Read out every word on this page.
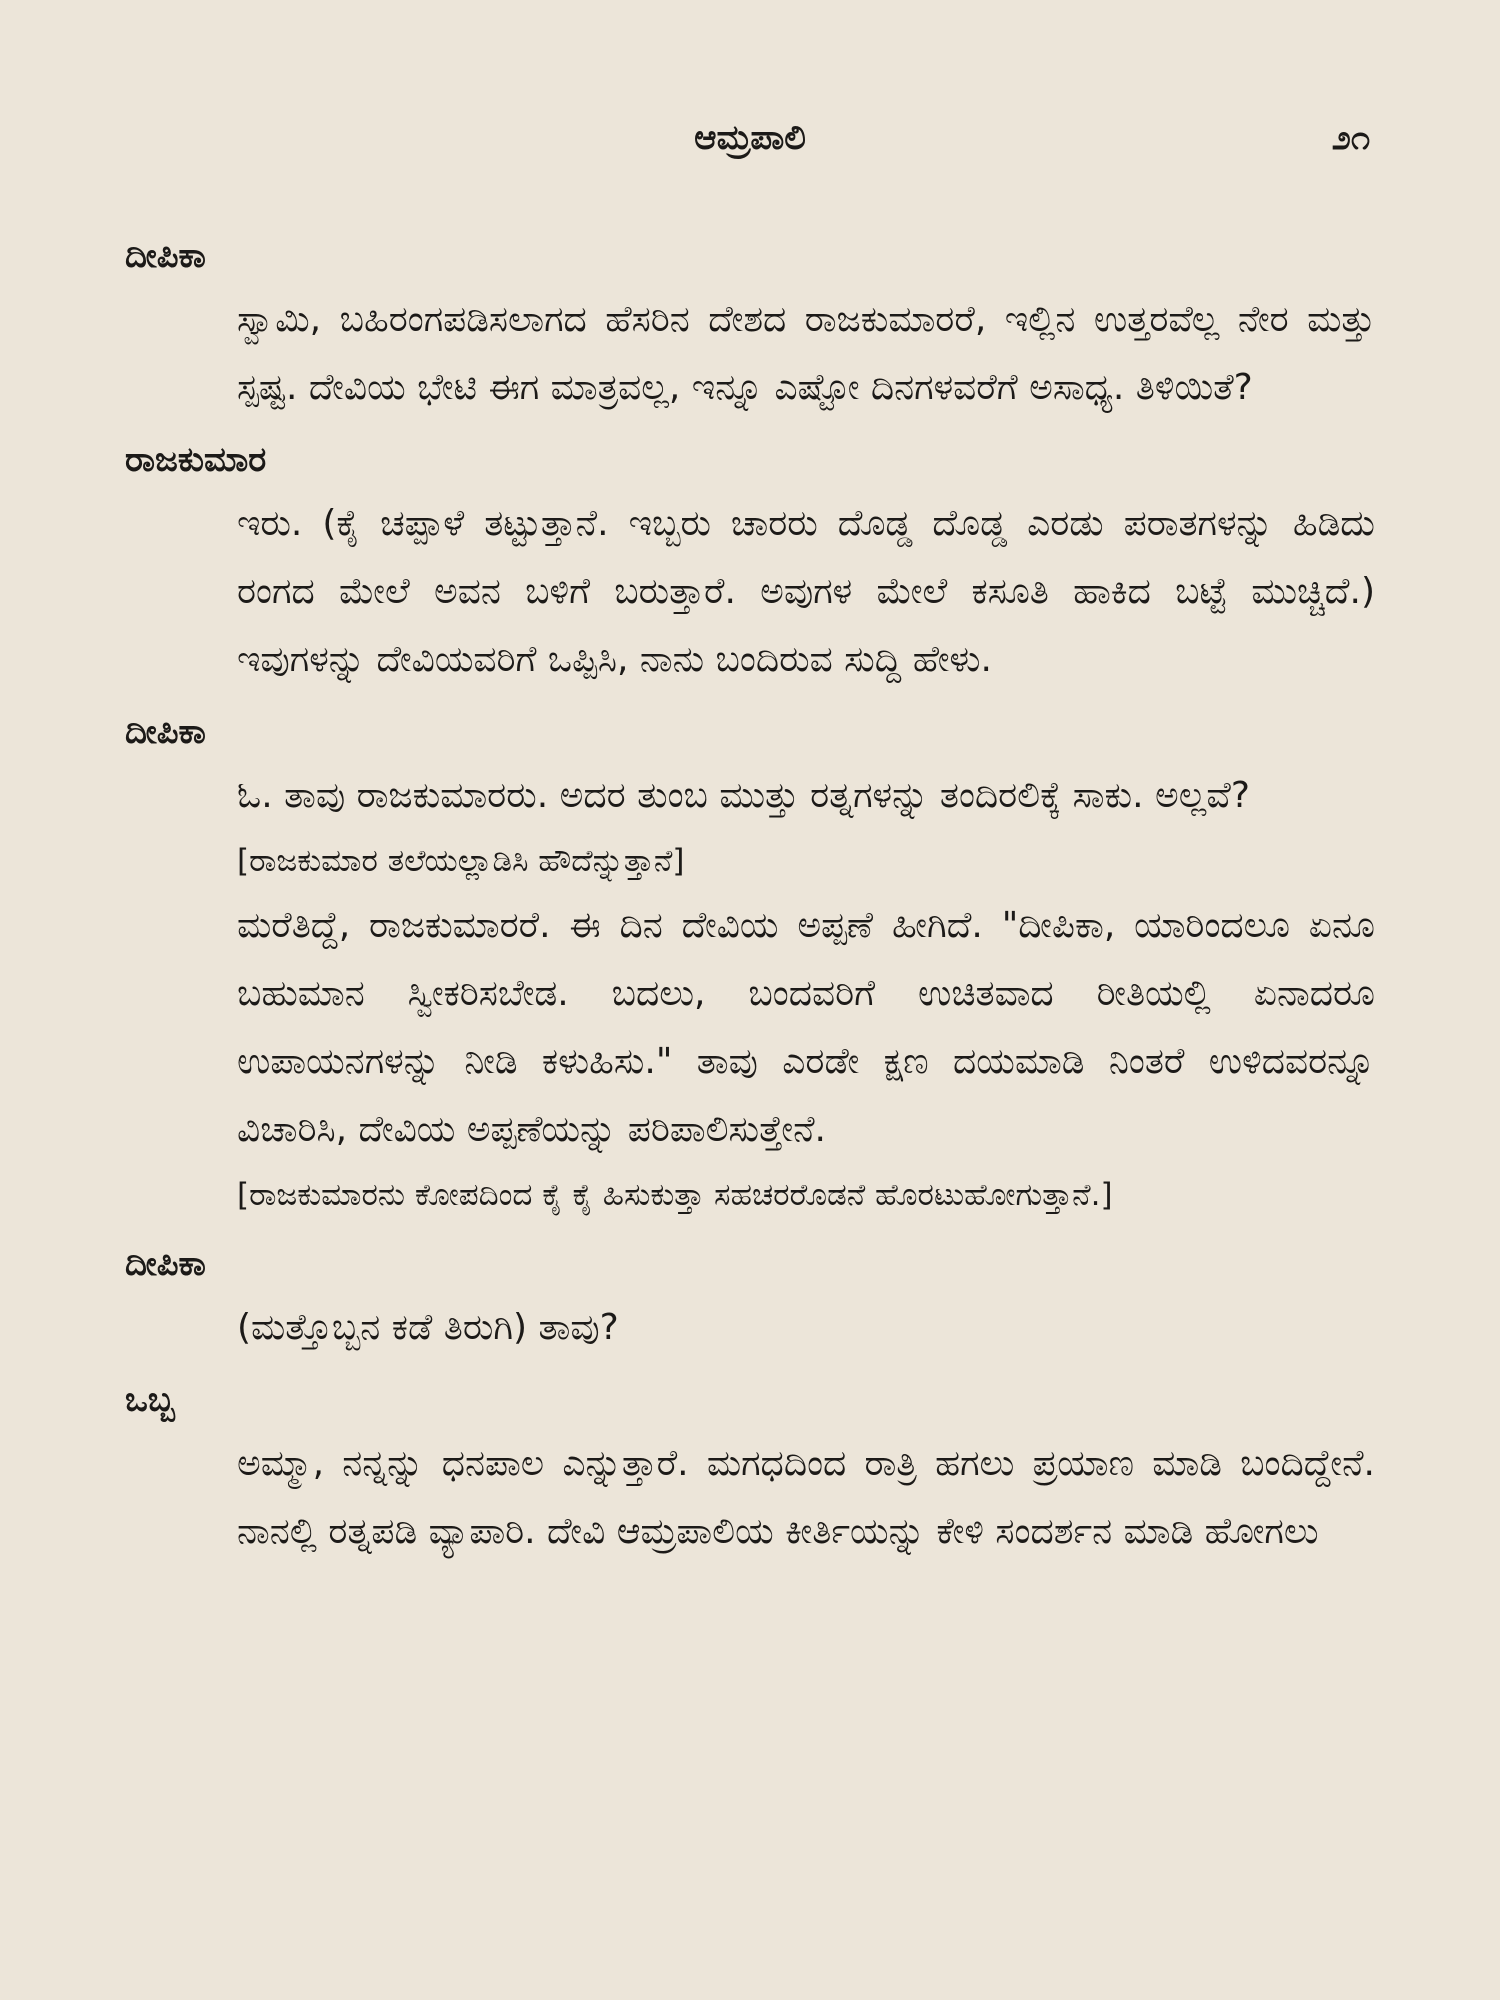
ಆಮ್ರಪಾಲಿ	೨೧
ದೀಪಿಕಾ
ಸ್ವಾಮಿ, ಬಹಿರಂಗಪಡಿಸಲಾಗದ ಹೆಸರಿನ ದೇಶದ ರಾಜಕುಮಾರರೆ, ಇಲ್ಲಿನ ಉತ್ತರವೆಲ್ಲ ನೇರ ಮತ್ತು ಸ್ಪಷ್ಟ. ದೇವಿಯ ಭೇಟಿ ಈಗ ಮಾತ್ರವಲ್ಲ, ಇನ್ನೂ ಎಷ್ಟೋ ದಿನಗಳವರೆಗೆ ಅಸಾಧ್ಯ. ತಿಳಿಯಿತೆ?
ರಾಜಕುಮಾರ
ಇರು. (ಕೈ ಚಪ್ಪಾಳೆ ತಟ್ಟುತ್ತಾನೆ. ಇಬ್ಬರು ಚಾರರು ದೊಡ್ಡ ದೊಡ್ಡ ಎರಡು ಪರಾತಗಳನ್ನು ಹಿಡಿದು ರಂಗದ ಮೇಲೆ ಅವನ ಬಳಿಗೆ ಬರುತ್ತಾರೆ. ಅವುಗಳ ಮೇಲೆ ಕಸೂತಿ ಹಾಕಿದ ಬಟ್ಟೆ ಮುಚ್ಚಿದೆ.) ಇವುಗಳನ್ನು ದೇವಿಯವರಿಗೆ ಒಪ್ಪಿಸಿ, ನಾನು ಬಂದಿರುವ ಸುದ್ದಿ ಹೇಳು.
ದೀಪಿಕಾ
ಓ. ತಾವು ರಾಜಕುಮಾರರು. ಅದರ ತುಂಬ ಮುತ್ತು ರತ್ನಗಳನ್ನು ತಂದಿರಲಿಕ್ಕೆ ಸಾಕು. ಅಲ್ಲವೆ?
[ರಾಜಕುಮಾರ ತಲೆಯಲ್ಲಾಡಿಸಿ ಹೌದೆನ್ನುತ್ತಾನೆ]
ಮರೆತಿದ್ದೆ, ರಾಜಕುಮಾರರೆ. ಈ ದಿನ ದೇವಿಯ ಅಪ್ಪಣೆ ಹೀಗಿದೆ. "ದೀಪಿಕಾ, ಯಾರಿಂದಲೂ ಏನೂ ಬಹುಮಾನ ಸ್ವೀಕರಿಸಬೇಡ. ಬದಲು, ಬಂದವರಿಗೆ ಉಚಿತವಾದ ರೀತಿಯಲ್ಲಿ ಏನಾದರೂ ಉಪಾಯನಗಳನ್ನು ನೀಡಿ ಕಳುಹಿಸು." ತಾವು ಎರಡೇ ಕ್ಷಣ ದಯಮಾಡಿ ನಿಂತರೆ ಉಳಿದವರನ್ನೂ ವಿಚಾರಿಸಿ, ದೇವಿಯ ಅಪ್ಪಣೆಯನ್ನು ಪರಿಪಾಲಿಸುತ್ತೇನೆ.
[ರಾಜಕುಮಾರನು ಕೋಪದಿಂದ ಕೈ ಕೈ ಹಿಸುಕುತ್ತಾ ಸಹಚರರೊಡನೆ ಹೊರಟುಹೋಗುತ್ತಾನೆ.]
ದೀಪಿಕಾ
(ಮತ್ತೊಬ್ಬನ ಕಡೆ ತಿರುಗಿ) ತಾವು?
ಒಬ್ಬ
ಅಮ್ಮಾ, ನನ್ನನ್ನು ಧನಪಾಲ ಎನ್ನುತ್ತಾರೆ. ಮಗಧದಿಂದ ರಾತ್ರಿ ಹಗಲು ಪ್ರಯಾಣ ಮಾಡಿ ಬಂದಿದ್ದೇನೆ. ನಾನಲ್ಲಿ ರತ್ನಪಡಿ ವ್ಯಾಪಾರಿ. ದೇವಿ ಆಮ್ರಪಾಲಿಯ ಕೀರ್ತಿಯನ್ನು ಕೇಳಿ ಸಂದರ್ಶನ ಮಾಡಿ ಹೋಗಲು
